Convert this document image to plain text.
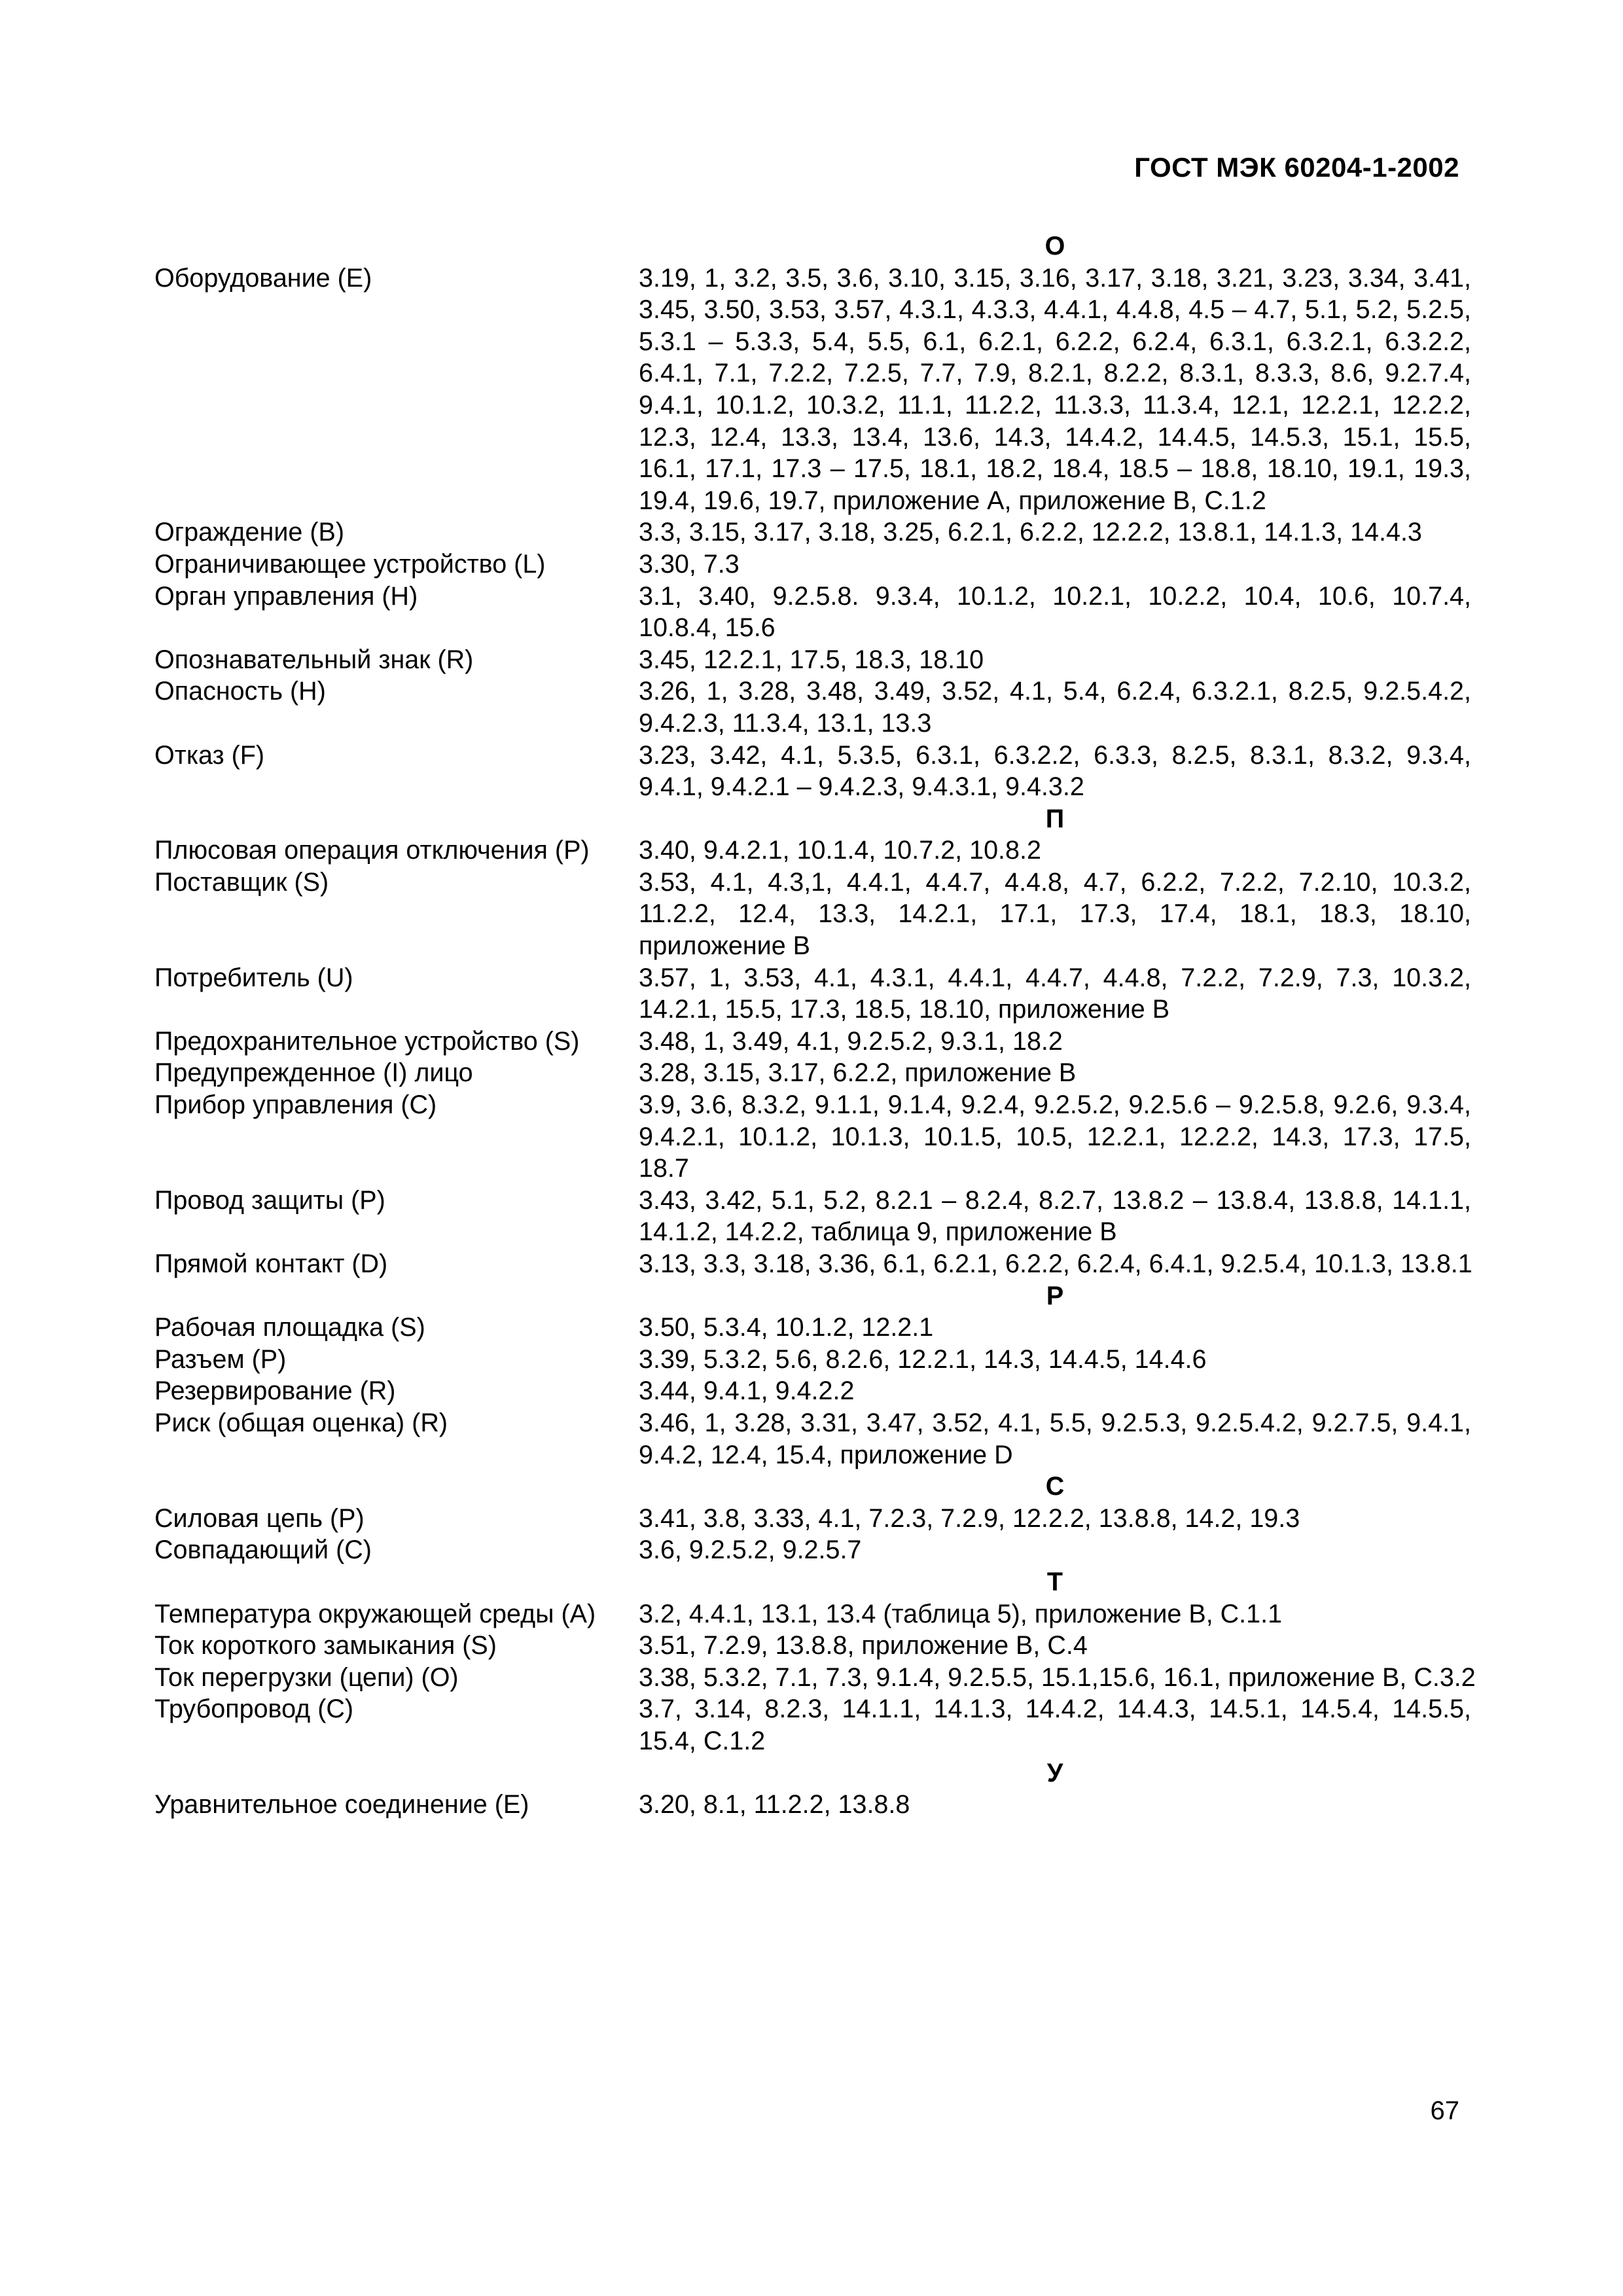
ГОСТ МЭК 60204-1-2002
О
Оборудование (E)	3.19, 1, 3.2, 3.5, 3.6, 3.10, 3.15, 3.16, 3.17, 3.18, 3.21, 3.23, 3.34, 3.41, 3.45, 3.50, 3.53, 3.57, 4.3.1, 4.3.3, 4.4.1, 4.4.8, 4.5 – 4.7, 5.1, 5.2, 5.2.5, 5.3.1 – 5.3.3, 5.4, 5.5, 6.1, 6.2.1, 6.2.2, 6.2.4, 6.3.1, 6.3.2.1, 6.3.2.2, 6.4.1, 7.1, 7.2.2, 7.2.5, 7.7, 7.9, 8.2.1, 8.2.2, 8.3.1, 8.3.3, 8.6, 9.2.7.4, 9.4.1, 10.1.2, 10.3.2, 11.1, 11.2.2, 11.3.3, 11.3.4, 12.1, 12.2.1, 12.2.2, 12.3, 12.4, 13.3, 13.4, 13.6, 14.3, 14.4.2, 14.4.5, 14.5.3, 15.1, 15.5, 16.1, 17.1, 17.3 – 17.5, 18.1, 18.2, 18.4, 18.5 – 18.8, 18.10, 19.1, 19.3, 19.4, 19.6, 19.7, приложение A, приложение B, C.1.2
Ограждение (B)	3.3, 3.15, 3.17, 3.18, 3.25, 6.2.1, 6.2.2, 12.2.2, 13.8.1, 14.1.3, 14.4.3
Ограничивающее устройство (L)	3.30, 7.3
Орган управления (H)	3.1, 3.40, 9.2.5.8. 9.3.4, 10.1.2, 10.2.1, 10.2.2, 10.4, 10.6, 10.7.4, 10.8.4, 15.6
Опознавательный знак (R)	3.45, 12.2.1, 17.5, 18.3, 18.10
Опасность (H)	3.26, 1, 3.28, 3.48, 3.49, 3.52, 4.1, 5.4, 6.2.4, 6.3.2.1, 8.2.5, 9.2.5.4.2, 9.4.2.3, 11.3.4, 13.1, 13.3
Отказ (F)	3.23, 3.42, 4.1, 5.3.5, 6.3.1, 6.3.2.2, 6.3.3, 8.2.5, 8.3.1, 8.3.2, 9.3.4, 9.4.1, 9.4.2.1 – 9.4.2.3, 9.4.3.1, 9.4.3.2
П
Плюсовая операция отключения (P)	3.40, 9.4.2.1, 10.1.4, 10.7.2, 10.8.2
Поставщик (S)	3.53, 4.1, 4.3,1, 4.4.1, 4.4.7, 4.4.8, 4.7, 6.2.2, 7.2.2, 7.2.10, 10.3.2, 11.2.2, 12.4, 13.3, 14.2.1, 17.1, 17.3, 17.4, 18.1, 18.3, 18.10, приложение B
Потребитель (U)	3.57, 1, 3.53, 4.1, 4.3.1, 4.4.1, 4.4.7, 4.4.8, 7.2.2, 7.2.9, 7.3, 10.3.2, 14.2.1, 15.5, 17.3, 18.5, 18.10, приложение B
Предохранительное устройство (S)	3.48, 1, 3.49, 4.1, 9.2.5.2, 9.3.1, 18.2
Предупрежденное (I) лицо	3.28, 3.15, 3.17, 6.2.2, приложение B
Прибор управления (C)	3.9, 3.6, 8.3.2, 9.1.1, 9.1.4, 9.2.4, 9.2.5.2, 9.2.5.6 – 9.2.5.8, 9.2.6, 9.3.4, 9.4.2.1, 10.1.2, 10.1.3, 10.1.5, 10.5, 12.2.1, 12.2.2, 14.3, 17.3, 17.5, 18.7
Провод защиты (P)	3.43, 3.42, 5.1, 5.2, 8.2.1 – 8.2.4, 8.2.7, 13.8.2 – 13.8.4, 13.8.8, 14.1.1, 14.1.2, 14.2.2, таблица 9, приложение B
Прямой контакт (D)	3.13, 3.3, 3.18, 3.36, 6.1, 6.2.1, 6.2.2, 6.2.4, 6.4.1, 9.2.5.4, 10.1.3, 13.8.1
Р
Рабочая площадка (S)	3.50, 5.3.4, 10.1.2, 12.2.1
Разъем (P)	3.39, 5.3.2, 5.6, 8.2.6, 12.2.1, 14.3, 14.4.5, 14.4.6
Резервирование (R)	3.44, 9.4.1, 9.4.2.2
Риск (общая оценка) (R)	3.46, 1, 3.28, 3.31, 3.47, 3.52, 4.1, 5.5, 9.2.5.3, 9.2.5.4.2, 9.2.7.5, 9.4.1, 9.4.2, 12.4, 15.4, приложение D
С
Силовая цепь (P)	3.41, 3.8, 3.33, 4.1, 7.2.3, 7.2.9, 12.2.2, 13.8.8, 14.2, 19.3
Совпадающий (C)	3.6, 9.2.5.2, 9.2.5.7
Т
Температура окружающей среды (A)	3.2, 4.4.1, 13.1, 13.4 (таблица 5), приложение B, C.1.1
Ток короткого замыкания (S)	3.51, 7.2.9, 13.8.8, приложение B, C.4
Ток перегрузки (цепи) (O)	3.38, 5.3.2, 7.1, 7.3, 9.1.4, 9.2.5.5, 15.1,15.6, 16.1, приложение B, C.3.2
Трубопровод (C)	3.7, 3.14, 8.2.3, 14.1.1, 14.1.3, 14.4.2, 14.4.3, 14.5.1, 14.5.4, 14.5.5, 15.4, C.1.2
У
Уравнительное соединение (E)	3.20, 8.1, 11.2.2, 13.8.8
67
